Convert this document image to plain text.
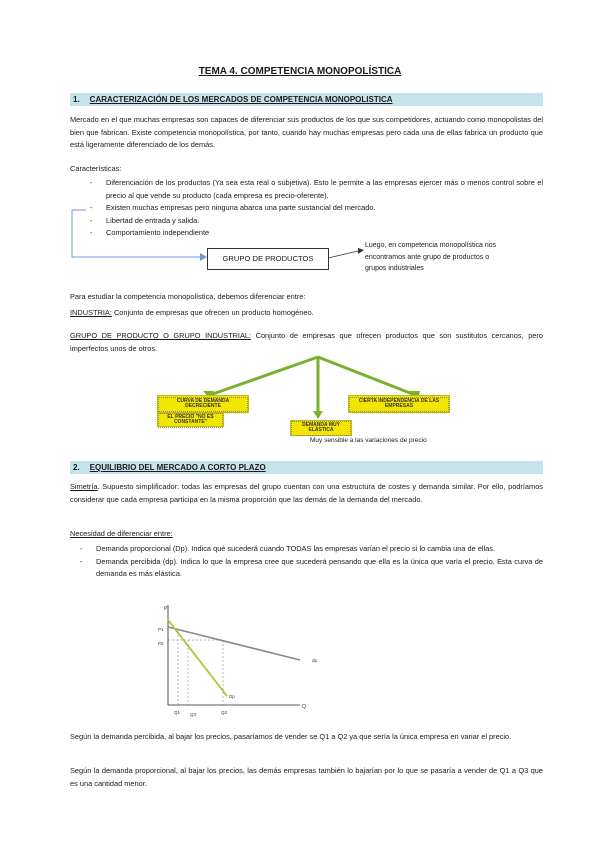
TEMA 4. COMPETENCIA MONOPOLÍSTICA
1. CARACTERIZACIÓN DE LOS MERCADOS DE COMPETENCIA MONOPOLISTICA
Mercado en el que muchas empresas son capaces de diferenciar sus productos de los que sus competidores, actuando como monopolistas del bien que fabrican. Existe competencia monopolística, por tanto, cuando hay muchas empresas pero cada una de ellas fabrica un producto que está ligeramente diferenciado de los demás.
Características:
- Diferenciación de los productos (Ya sea esta real o subjetiva). Esto le permite a las empresas ejercer más o menos control sobre el precio al que vende su producto (cada empresa es precio-oferente).
- Existen muchas empresas pero ninguna abarca una parte sustancial del mercado.
- Libertad de entrada y salida.
- Comportamiento independiente
GRUPO DE PRODUCTOS
Luego, en competencia monopolística nos encontramos ante grupo de productos o grupos industriales
Para estudiar la competencia monopolística, debemos diferenciar entre:
INDUSTRIA: Conjunto de empresas que ofrecen un producto homogéneo.
GRUPO DE PRODUCTO O GRUPO INDUSTRIAL: Conjunto de empresas que ofrecen productos que son sustitutos cercanos, pero imperfectos unos de otros.
CURVA DE DEMANDA DECRECIENTE
EL PRECIO "NO ES CONSTANTE"	DEMANDA MUY ELÁSTICA
CIERTA INDEPENDENCIA DE LAS EMPRESAS
Muy sensible a las variaciones de precio
2. EQUILIBRIO DEL MERCADO A CORTO PLAZO
Simetría. Supuesto simplificador: todas las empresas del grupo cuentan con una estructura de costes y demanda similar. Por ello, podríamos considerar que cada empresa participa en la misma proporción que las demás de la demanda del mercado.
Necesidad de diferenciar entre:
- Demanda proporcional (Dp). Indica qué sucederá cuando TODAS las empresas varían el precio si lo cambia una de ellas.
- Demanda percibida (dp). Indica lo que la empresa cree que sucederá pensando que ella es la única que varía el precio. Esta curva de demanda es más elástica.
P
Q
P1
P2
dp
Dp
Q1 Q3	Q2
Según la demanda percibida, al bajar los precios, pasaríamos de vender se Q1 a Q2 ya que sería la única empresa en variar el precio.
Según la demanda proporcional, al bajar los precios, las demás empresas también lo bajarían por lo que se pasaría a vender de Q1 a Q3 que es una cantidad menor.
